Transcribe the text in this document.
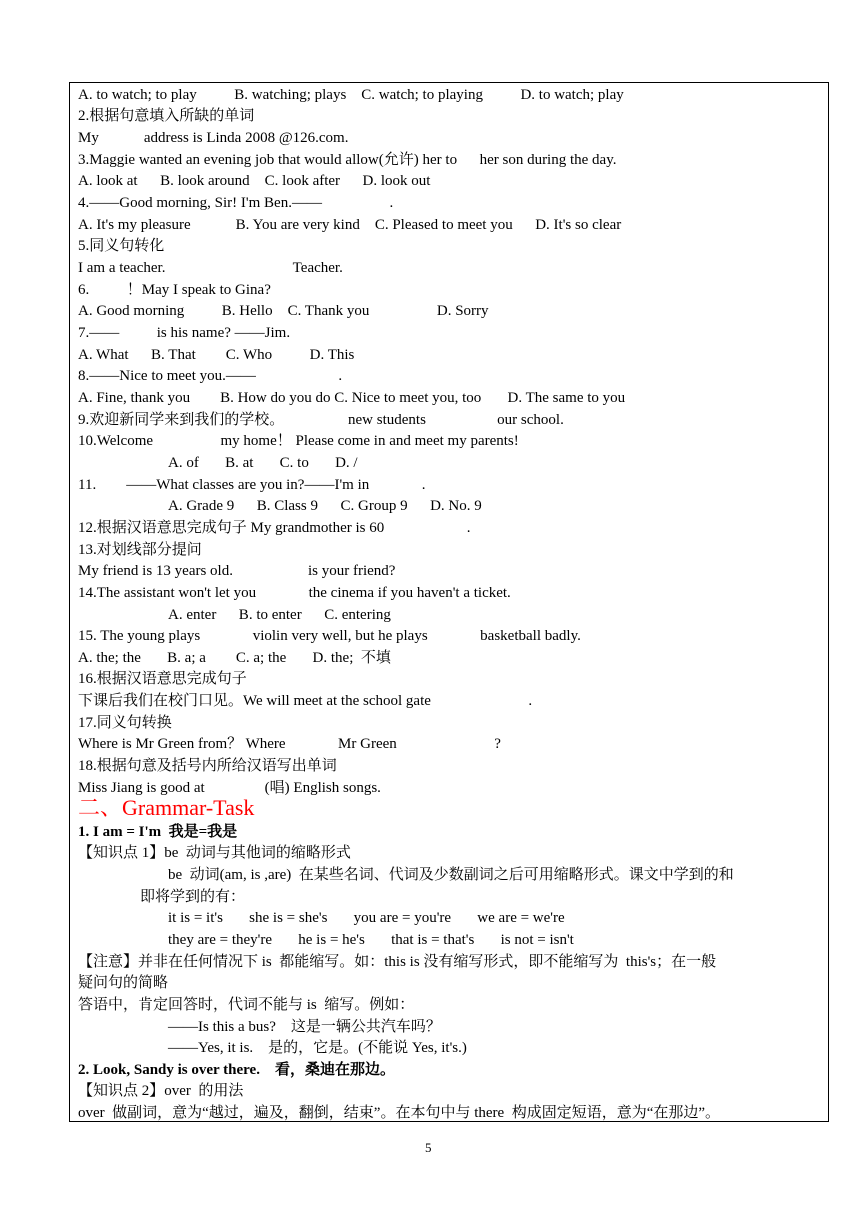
A. to watch; to play          B. watching; plays    C. watch; to playing          D. to watch; play
2.根据句意填入所缺的单词
My            address is Linda 2008 @126.com.
3.Maggie wanted an evening job that would allow(允许) her to      her son during the day.
A. look at      B. look around    C. look after      D. look out
4.——Good morning, Sir! I'm Ben.——                  .
A. It's my pleasure            B. You are very kind    C. Pleased to meet you      D. It's so clear
5.同义句转化
I am a teacher.                                  Teacher.
6.          ！May I speak to Gina?
A. Good morning          B. Hello    C. Thank you                  D. Sorry
7.——          is his name? ——Jim.
A. What      B. That        C. Who          D. This
8.——Nice to meet you.——                      .
A. Fine, thank you        B. How do you do C. Nice to meet you, too       D. The same to you
9.欢迎新同学来到我们的学校。                 new students                   our school.
10.Welcome                  my home！ Please come in and meet my parents!
A. of       B. at       C. to       D. /
11.        ——What classes are you in?——I'm in              .
A. Grade 9      B. Class 9      C. Group 9      D. No. 9
12.根据汉语意思完成句子 My grandmother is 60                      .
13.对划线部分提问
My friend is 13 years old.                    is your friend?
14.The assistant won't let you              the cinema if you haven't a ticket.
A. enter      B. to enter      C. entering
15. The young plays              violin very well, but he plays              basketball badly.
A. the; the       B. a; a        C. a; the       D. the;  不填
16.根据汉语意思完成句子
下课后我们在校门口见。We will meet at the school gate                          .
17.同义句转换
Where is Mr Green from？ Where              Mr Green                          ?
18.根据句意及括号内所给汉语写出单词
Miss Jiang is good at                (唱) English songs.
二、Grammar-Task
1. I am = I'm  我是=我是
【知识点 1】be  动词与其他词的缩略形式
be  动词(am, is ,are)  在某些名词、代词及少数副词之后可用缩略形式。课文中学到的和
即将学到的有：
it is = it's       she is = she's       you are = you're       we are = we're
they are = they're       he is = he's       that is = that's       is not = isn't
【注意】并非在任何情况下 is  都能缩写。如：this is 没有缩写形式，即不能缩写为  this's；在一般
疑问句的简略
答语中，肯定回答时，代词不能与 is  缩写。例如：
——Is this a bus?    这是一辆公共汽车吗？
——Yes, it is.    是的，它是。(不能说 Yes, it's.)
2. Look, Sandy is over there.    看，桑迪在那边。
【知识点 2】over  的用法
over  做副词，意为“越过，遍及，翻倒，结束”。在本句中与 there  构成固定短语，意为“在那边”。
5
